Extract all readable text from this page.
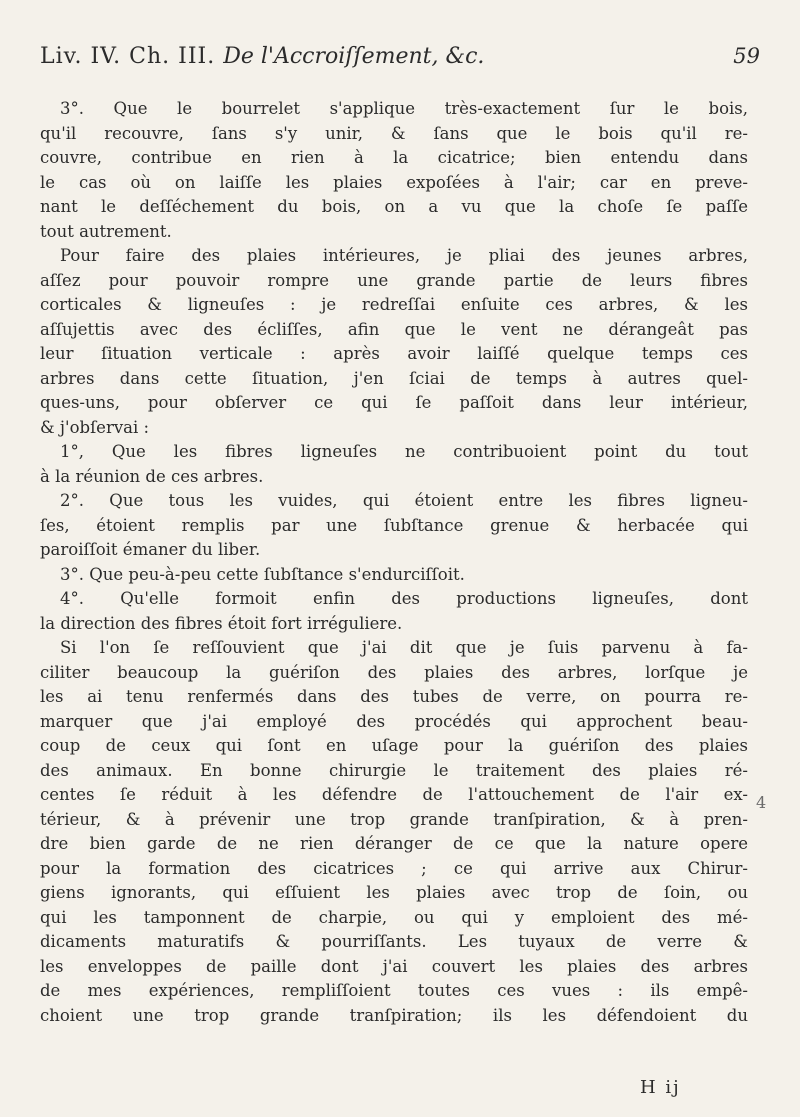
Liv. IV. Ch. III. De l'Accroiſſement, &c.	59
3°. Que le bourrelet s'applique très-exactement ſur le bois,
qu'il recouvre, ſans s'y unir, & ſans que le bois qu'il re-
couvre, contribue en rien à la cicatrice; bien entendu dans
le cas où on laiſſe les plaies expoſées à l'air; car en preve-
nant le deſſéchement du bois, on a vu que la choſe ſe paſſe
tout autrement.
Pour faire des plaies intérieures, je pliai des jeunes arbres,
aſſez pour pouvoir rompre une grande partie de leurs fibres
corticales & ligneuſes : je redreſſai enſuite ces arbres, & les
aſſujettis avec des écliſſes, afin que le vent ne dérangeât pas
leur ſituation verticale : après avoir laiſſé quelque temps ces
arbres dans cette ſituation, j'en ſciai de temps à autres quel-
ques-uns, pour obſerver ce qui ſe paſſoit dans leur intérieur,
& j'obſervai :
1°, Que les fibres ligneuſes ne contribuoient point du tout
à la réunion de ces arbres.
2°. Que tous les vuides, qui étoient entre les fibres ligneu-
ſes, étoient remplis par une ſubſtance grenue & herbacée qui
paroiſſoit émaner du liber.
3°. Que peu-à-peu cette ſubſtance s'endurciſſoit.
4°. Qu'elle formoit enfin des productions ligneuſes, dont
la direction des fibres étoit fort irréguliere.
Si l'on ſe reſſouvient que j'ai dit que je ſuis parvenu à fa-
ciliter beaucoup la guériſon des plaies des arbres, lorſque je
les ai tenu renfermés dans des tubes de verre, on pourra re-
marquer que j'ai employé des procédés qui approchent beau-
coup de ceux qui ſont en uſage pour la guériſon des plaies
des animaux. En bonne chirurgie le traitement des plaies ré-
centes ſe réduit à les défendre de l'attouchement de l'air ex-
térieur, & à prévenir une trop grande tranſpiration, & à pren-
dre bien garde de ne rien déranger de ce que la nature opere
pour la formation des cicatrices ; ce qui arrive aux Chirur-
giens ignorants, qui eſſuient les plaies avec trop de ſoin, ou
qui les tamponnent de charpie, ou qui y emploient des mé-
dicaments maturatifs & pourriſſants. Les tuyaux de verre &
les enveloppes de paille dont j'ai couvert les plaies des arbres
de mes expériences, rempliſſoient toutes ces vues : ils empê-
choient une trop grande tranſpiration; ils les défendoient du
4
H ij
